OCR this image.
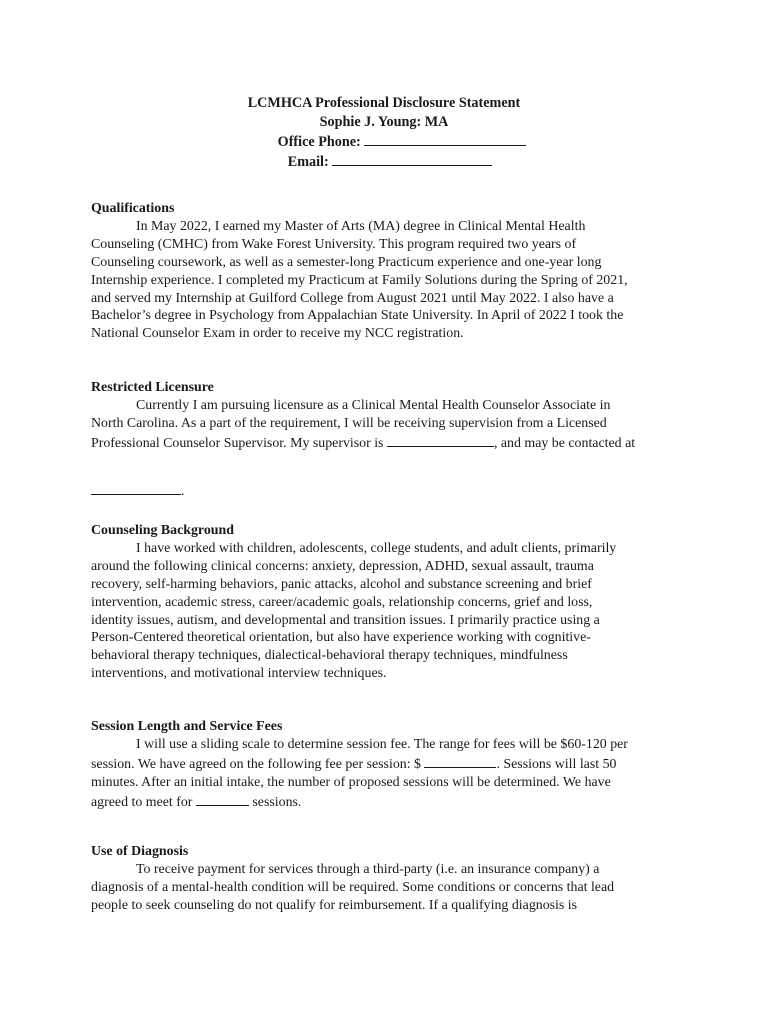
LCMHCA Professional Disclosure Statement
Sophie J. Young: MA
Office Phone:
Email:
Qualifications
In May 2022, I earned my Master of Arts (MA) degree in Clinical Mental Health
Counseling (CMHC) from Wake Forest University. This program required two years of
Counseling coursework, as well as a semester-long Practicum experience and one-year long
Internship experience. I completed my Practicum at Family Solutions during the Spring of 2021,
and served my Internship at Guilford College from August 2021 until May 2022. I also have a
Bachelor’s degree in Psychology from Appalachian State University. In April of 2022 I took the
National Counselor Exam in order to receive my NCC registration.
Restricted Licensure
Currently I am pursuing licensure as a Clinical Mental Health Counselor Associate in
North Carolina. As a part of the requirement, I will be receiving supervision from a Licensed
Professional Counselor Supervisor. My supervisor is	, and may be contacted at
.
Counseling Background
I have worked with children, adolescents, college students, and adult clients, primarily
around the following clinical concerns: anxiety, depression, ADHD, sexual assault, trauma
recovery, self-harming behaviors, panic attacks, alcohol and substance screening and brief
intervention, academic stress, career/academic goals, relationship concerns, grief and loss,
identity issues, autism, and developmental and transition issues. I primarily practice using a
Person-Centered theoretical orientation, but also have experience working with cognitive-
behavioral therapy techniques, dialectical-behavioral therapy techniques, mindfulness
interventions, and motivational interview techniques.
Session Length and Service Fees
I will use a sliding scale to determine session fee. The range for fees will be $60-120 per
session. We have agreed on the following fee per session: $	. Sessions will last 50
minutes. After an initial intake, the number of proposed sessions will be determined. We have
agreed to meet for	sessions.
Use of Diagnosis
To receive payment for services through a third-party (i.e. an insurance company) a
diagnosis of a mental-health condition will be required. Some conditions or concerns that lead
people to seek counseling do not qualify for reimbursement. If a qualifying diagnosis is
